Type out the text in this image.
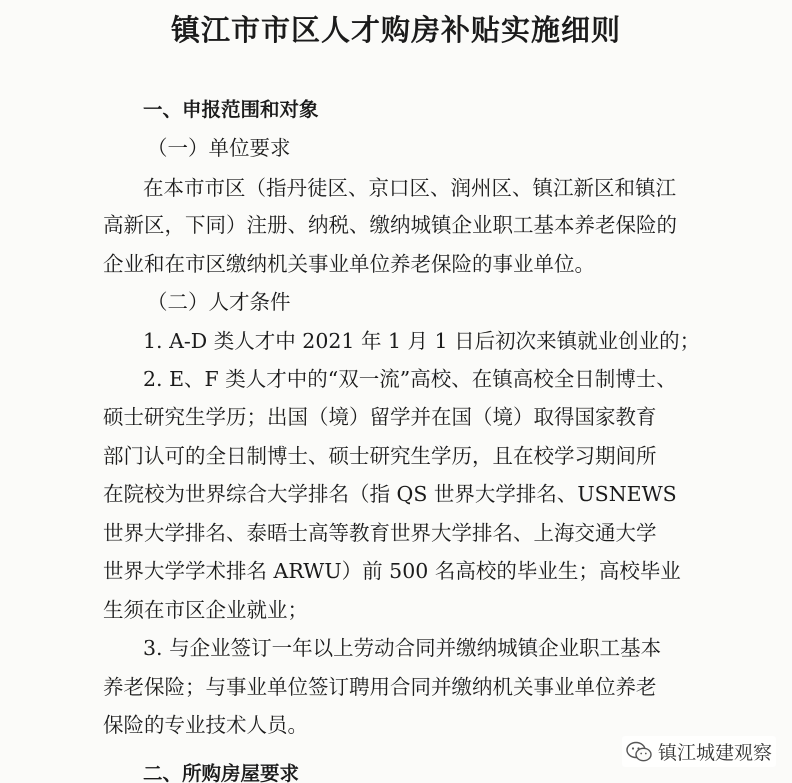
镇江市市区人才购房补贴实施细则
一、申报范围和对象
（一）单位要求
在本市市区（指丹徒区、京口区、润州区、镇江新区和镇江
高新区，下同）注册、纳税、缴纳城镇企业职工基本养老保险的
企业和在市区缴纳机关事业单位养老保险的事业单位。
（二）人才条件
1. A-D 类人才中 2021 年 1 月 1 日后初次来镇就业创业的；
2. E、F 类人才中的“双一流”高校、在镇高校全日制博士、
硕士研究生学历；出国（境）留学并在国（境）取得国家教育
部门认可的全日制博士、硕士研究生学历，且在校学习期间所
在院校为世界综合大学排名（指 QS 世界大学排名、USNEWS
世界大学排名、泰晤士高等教育世界大学排名、上海交通大学
世界大学学术排名 ARWU）前 500 名高校的毕业生；高校毕业
生须在市区企业就业；
3. 与企业签订一年以上劳动合同并缴纳城镇企业职工基本
养老保险；与事业单位签订聘用合同并缴纳机关事业单位养老
保险的专业技术人员。
二、所购房屋要求
镇江城建观察
